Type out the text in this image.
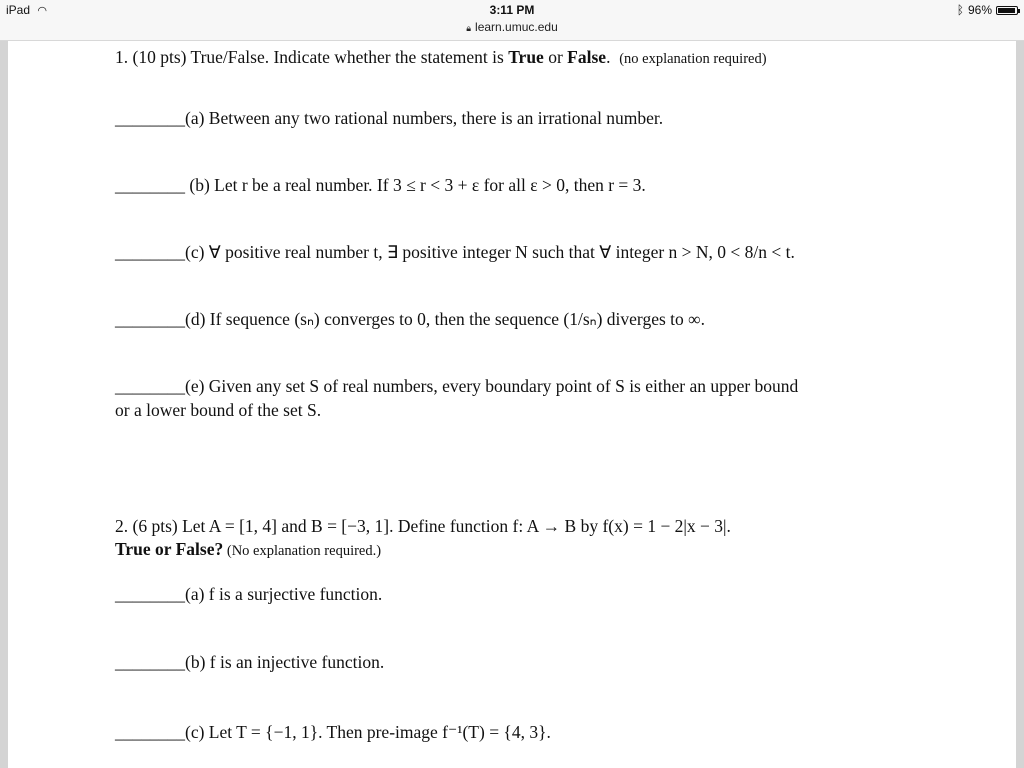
iPad ◠	3:11 PM
🔒︎ learn.umuc.edu
ᛒ 96%
1. (10 pts) True/False. Indicate whether the statement is True or False. (no explanation required)
________(a) Between any two rational numbers, there is an irrational number.
________ (b) Let r be a real number. If 3 ≤ r < 3 + ε for all ε > 0, then r = 3.
________(c) ∀ positive real number t, ∃ positive integer N such that ∀ integer n > N, 0 < 8/n < t.
________(d) If sequence (sₙ) converges to 0, then the sequence (1/sₙ) diverges to ∞.
________(e) Given any set S of real numbers, every boundary point of S is either an upper bound
or a lower bound of the set S.
2. (6 pts) Let A = [1, 4] and B = [−3, 1]. Define function f: A → B by f(x) = 1 − 2|x − 3|.
True or False? (No explanation required.)
________(a) f is a surjective function.
________(b) f is an injective function.
________(c) Let T = {−1, 1}. Then pre-image f⁻¹(T) = {4, 3}.
